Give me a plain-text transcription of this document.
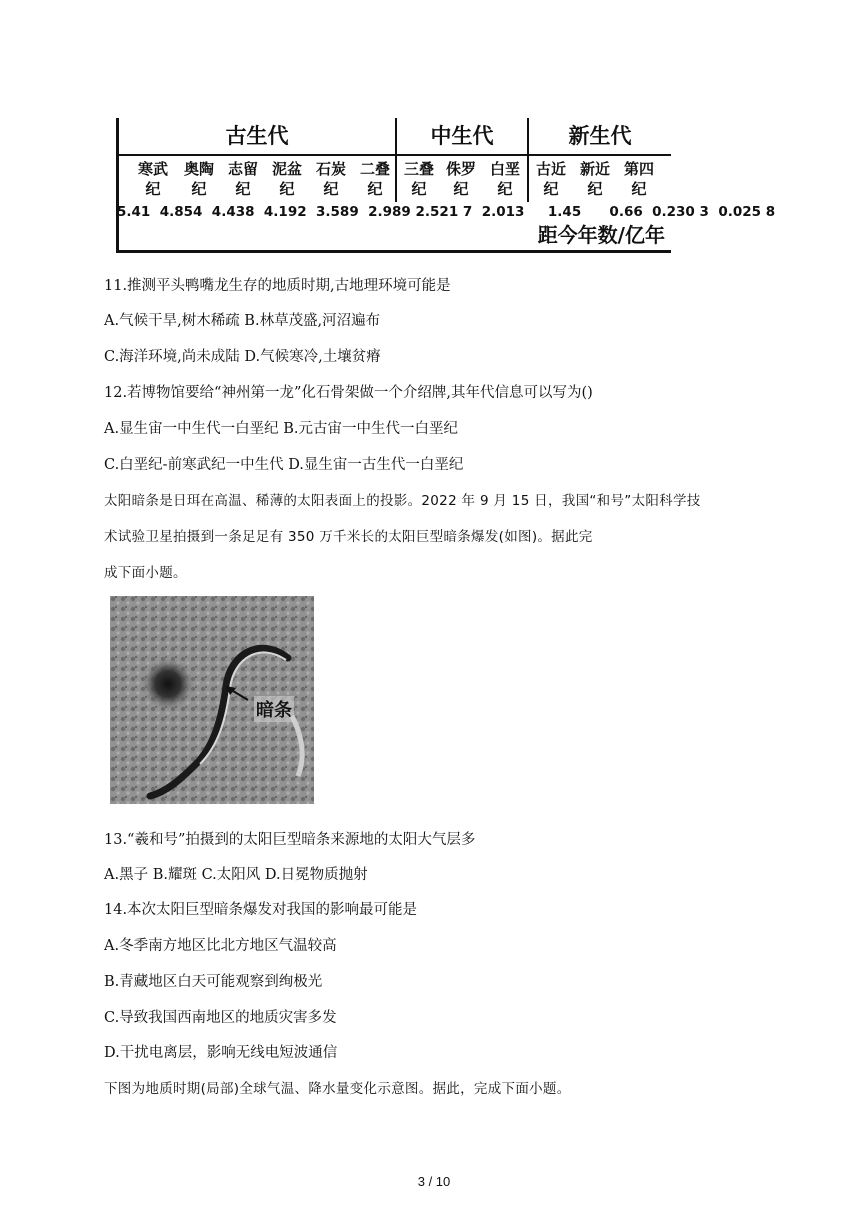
古生代	中生代	新生代
寒武
纪
奥陶
纪
志留
纪
泥盆
纪
石炭
纪
二叠
纪
三叠
纪
侏罗
纪
白垩
纪
古近
纪
新近
纪
第四
纪
5.41  4.854  4.438  4.192  3.589  2.989 2.521 7  2.013     1.45      0.66  0.230 3  0.025 8
距今年数/亿年
11.推测平头鸭嘴龙生存的地质时期,古地理环境可能是
A.气候干旱,树木稀疏 B.林草茂盛,河沼遍布
C.海洋环境,尚未成陆 D.气候寒冷,土壤贫瘠
12.若博物馆要给“神州第一龙”化石骨架做一个介绍牌,其年代信息可以写为()
A.显生宙一中生代一白垩纪 B.元古宙一中生代一白垩纪
C.白垩纪-前寒武纪一中生代 D.显生宙一古生代一白垩纪
太阳暗条是日珥在高温、稀薄的太阳表面上的投影。2022 年 9 月 15 日，我国“和号”太阳科学技
术试验卫星拍摄到一条足足有 350 万千米长的太阳巨型暗条爆发(如图)。据此完
成下面小题。
暗条
13.“羲和号”拍摄到的太阳巨型暗条来源地的太阳大气层多
A.黑子 B.耀斑 C.太阳风 D.日冕物质抛射
14.本次太阳巨型暗条爆发对我国的影响最可能是
A.冬季南方地区比北方地区气温较高
B.青藏地区白天可能观察到绚极光
C.导致我国西南地区的地质灾害多发
D.干扰电离层，影响无线电短波通信
下图为地质时期(局部)全球气温、降水量变化示意图。据此，完成下面小题。
3 / 10
